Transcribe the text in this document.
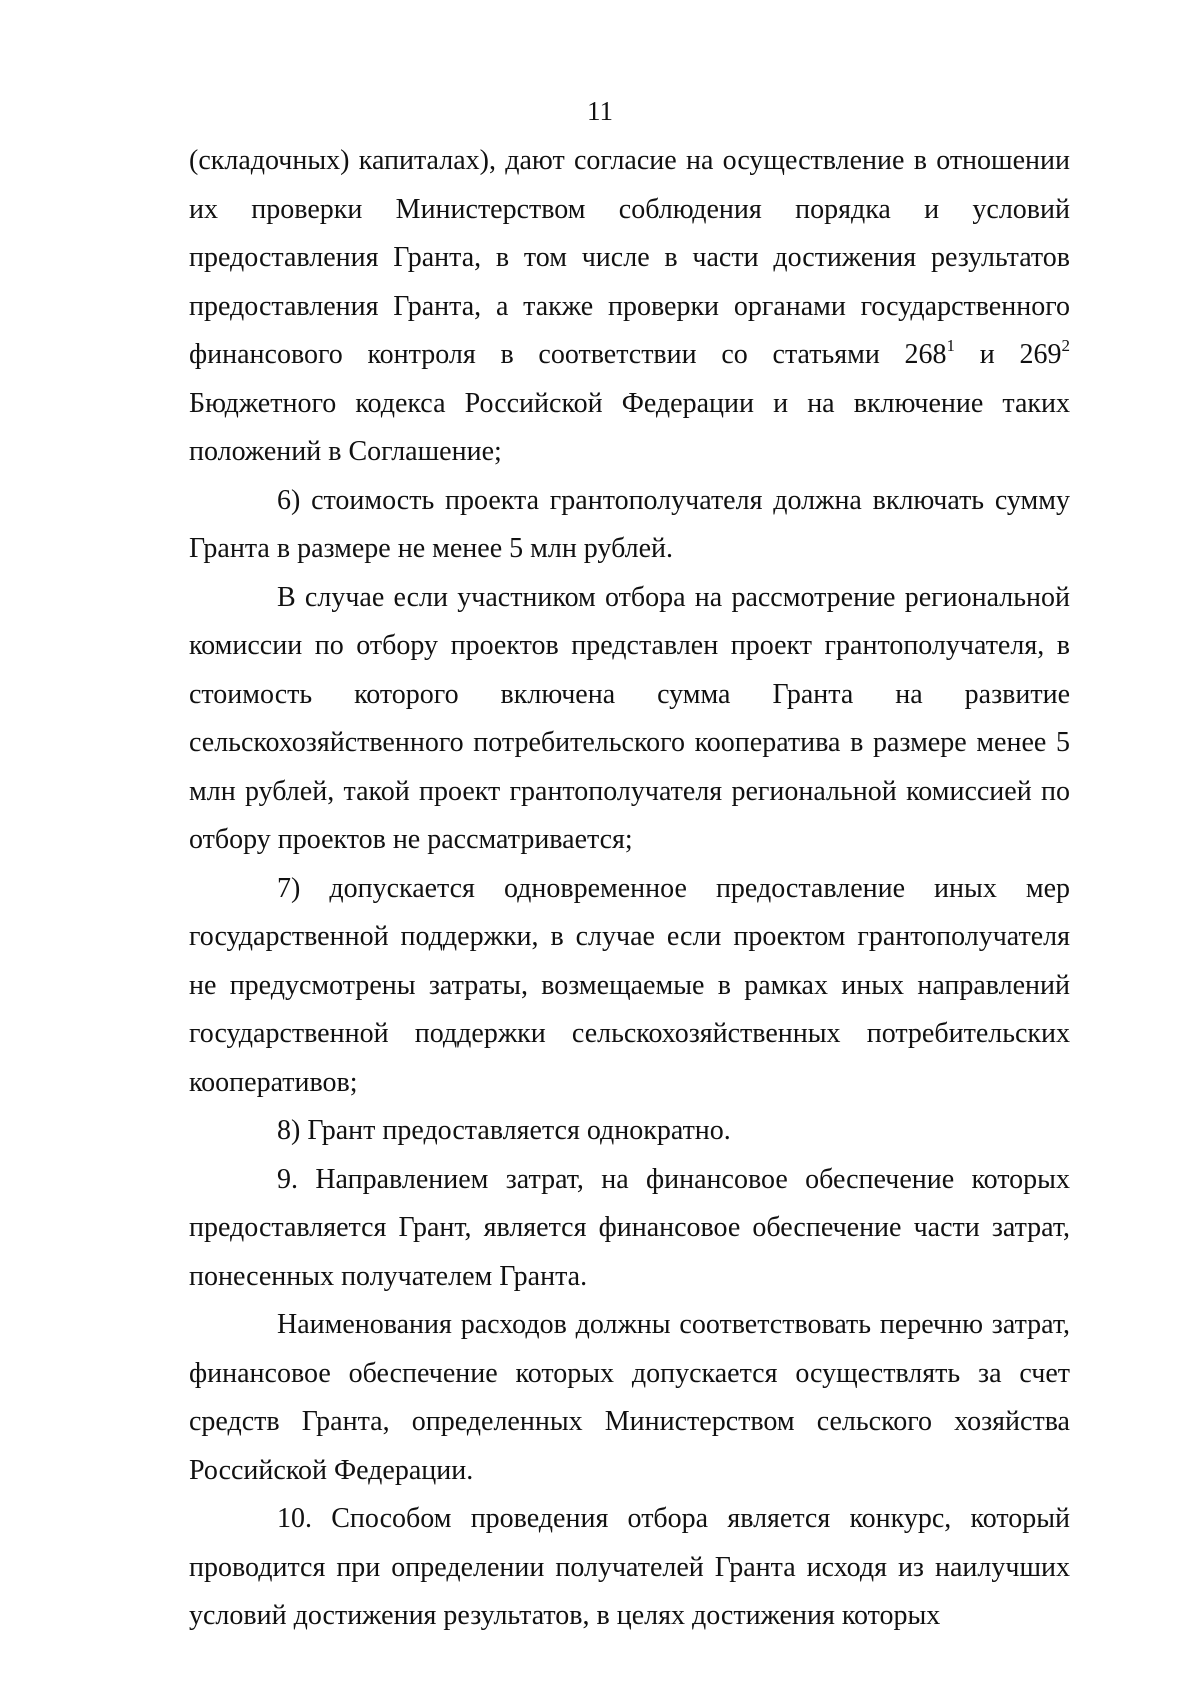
11

(складочных) капиталах), дают согласие на осуществление в отношении их проверки Министерством соблюдения порядка и условий предоставления Гранта, в том числе в части достижения результатов предоставления Гранта, а также проверки органами государственного финансового контроля в соответствии со статьями $268^1$ и $269^2$ Бюджетного кодекса Российской Федерации и на включение таких положений в Соглашение;

6) стоимость проекта грантополучателя должна включать сумму Гранта в размере не менее 5 млн рублей.

В случае если участником отбора на рассмотрение региональной комиссии по отбору проектов представлен проект грантополучателя, в стоимость которого включена сумма Гранта на развитие сельскохозяйственного потребительского кооператива в размере менее 5 млн рублей, такой проект грантополучателя региональной комиссией по отбору проектов не рассматривается;

7) допускается одновременное предоставление иных мер государственной поддержки, в случае если проектом грантополучателя не предусмотрены затраты, возмещаемые в рамках иных направлений государственной поддержки сельскохозяйственных потребительских кооперативов;

8) Грант предоставляется однократно.

9. Направлением затрат, на финансовое обеспечение которых предоставляется Грант, является финансовое обеспечение части затрат, понесенных получателем Гранта.

Наименования расходов должны соответствовать перечню затрат, финансовое обеспечение которых допускается осуществлять за счет средств Гранта, определенных Министерством сельского хозяйства Российской Федерации.

10. Способом проведения отбора является конкурс, который проводится при определении получателей Гранта исходя из наилучших условий достижения результатов, в целях достижения которых
